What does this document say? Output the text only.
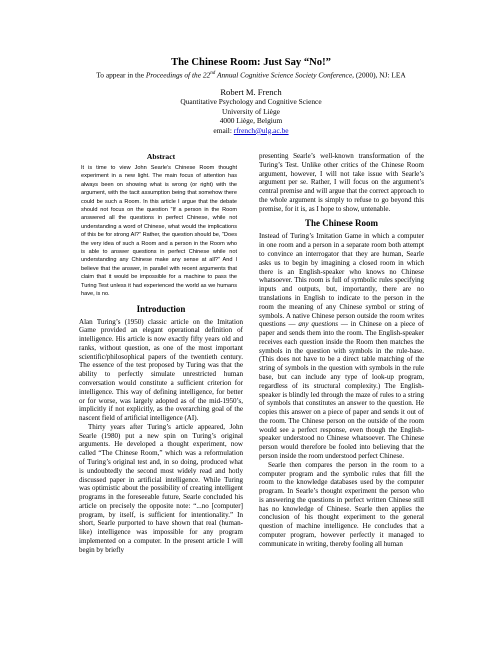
The Chinese Room: Just Say “No!”

To appear in the Proceedings of the 22nd Annual Cognitive Science Society Conference, (2000), NJ: LEA

Robert M. French
Quantitative Psychology and Cognitive Science
University of Liège
4000 Liège, Belgium
email: rfrench@ulg.ac.be
Abstract

It is time to view John Searle’s Chinese Room thought experiment in a new light. The main focus of attention has always been on showing what is wrong (or right) with the argument, with the tacit assumption being that somehow there could be such a Room. In this article I argue that the debate should not focus on the question “If a person in the Room answered all the questions in perfect Chinese, while not understanding a word of Chinese, what would the implications of this be for strong AI?” Rather, the question should be, “Does the very idea of such a Room and a person in the Room who is able to answer questions in perfect Chinese while not understanding any Chinese make any sense at all?” And I believe that the answer, in parallel with recent arguments that claim that it would be impossible for a machine to pass the Turing Test unless it had experienced the world as we humans have, is no.

Introduction

Alan Turing’s (1950) classic article on the Imitation Game provided an elegant operational definition of intelligence. His article is now exactly fifty years old and ranks, without question, as one of the most important scientific/philosophical papers of the twentieth century. The essence of the test proposed by Turing was that the ability to perfectly simulate unrestricted human conversation would constitute a sufficient criterion for intelligence. This way of defining intelligence, for better or for worse, was largely adopted as of the mid-1950’s, implicitly if not explicitly, as the overarching goal of the nascent field of artificial intelligence (AI).

Thirty years after Turing’s article appeared, John Searle (1980) put a new spin on Turing’s original arguments. He developed a thought experiment, now called “The Chinese Room,” which was a reformulation of Turing’s original test and, in so doing, produced what is undoubtedly the second most widely read and hotly discussed paper in artificial intelligence. While Turing was optimistic about the possibility of creating intelligent programs in the foreseeable future, Searle concluded his article on precisely the opposite note: “...no [computer] program, by itself, is sufficient for intentionality.” In short, Searle purported to have shown that real (human-like) intelligence was impossible for any program implemented on a computer. In the present article I will begin by briefly

presenting Searle’s well-known transformation of the Turing’s Test. Unlike other critics of the Chinese Room argument, however, I will not take issue with Searle’s argument per se. Rather, I will focus on the argument’s central premise and will argue that the correct approach to the whole argument is simply to refuse to go beyond this premise, for it is, as I hope to show, untenable.

The Chinese Room

Instead of Turing’s Imitation Game in which a computer in one room and a person in a separate room both attempt to convince an interrogator that they are human, Searle asks us to begin by imagining a closed room in which there is an English-speaker who knows no Chinese whatsoever. This room is full of symbolic rules specifying inputs and outputs, but, importantly, there are no translations in English to indicate to the person in the room the meaning of any Chinese symbol or string of symbols. A native Chinese person outside the room writes questions — any questions — in Chinese on a piece of paper and sends them into the room. The English-speaker receives each question inside the Room then matches the symbols in the question with symbols in the rule-base. (This does not have to be a direct table matching of the string of symbols in the question with symbols in the rule base, but can include any type of look-up program, regardless of its structural complexity.) The English-speaker is blindly led through the maze of rules to a string of symbols that constitutes an answer to the question. He copies this answer on a piece of paper and sends it out of the room. The Chinese person on the outside of the room would see a perfect response, even though the English-speaker understood no Chinese whatsoever. The Chinese person would therefore be fooled into believing that the person inside the room understood perfect Chinese.

Searle then compares the person in the room to a computer program and the symbolic rules that fill the room to the knowledge databases used by the computer program. In Searle’s thought experiment the person who is answering the questions in perfect written Chinese still has no knowledge of Chinese. Searle then applies the conclusion of his thought experiment to the general question of machine intelligence. He concludes that a computer program, however perfectly it managed to communicate in writing, thereby fooling all human
